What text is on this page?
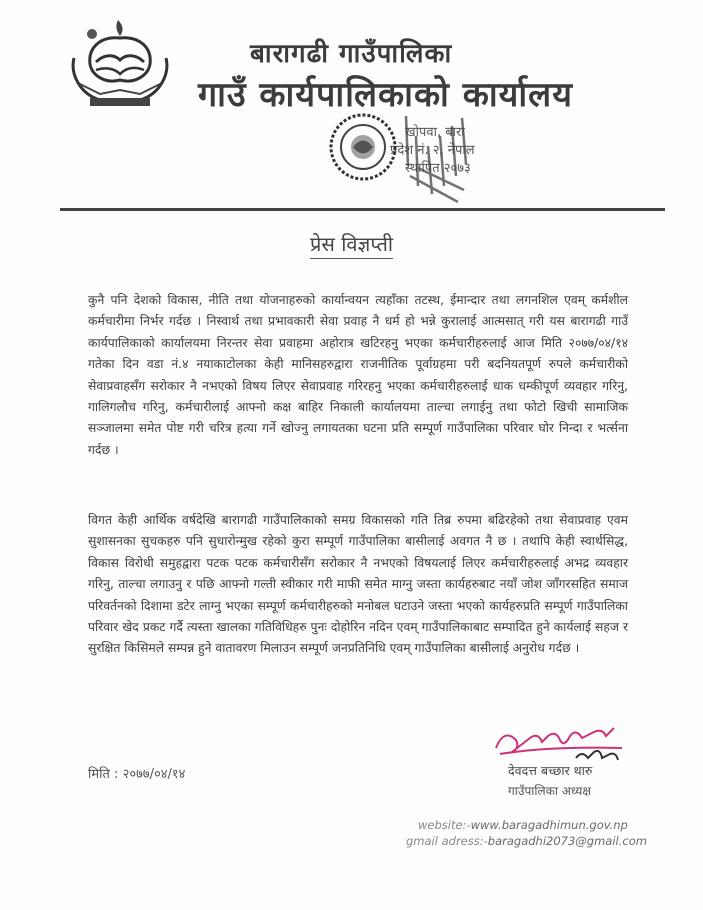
बारागढी गाउँपालिका
गाउँ कार्यपालिकाको कार्यालय
खोपवा, बारा
प्रदेश नं. २, नेपाल
स्थापित २०७३
प्रेस विज्ञप्ती
कुनै पनि देशको विकास, नीति तथा योजनाहरुको कार्यान्वयन त्यहाँका तटस्थ, ईमान्दार तथा लगनशिल एवम् कर्मशील कर्मचारीमा निर्भर गर्दछ । निस्वार्थ तथा प्रभावकारी सेवा प्रवाह नै धर्म हो भन्ने कुरालाई आत्मसात् गरी यस बारागढी गाउँ कार्यपालिकाको कार्यालयमा निरन्तर सेवा प्रवाहमा अहोरात्र खटिरहनु भएका कर्मचारीहरुलाई आज मिति २०७७/०४/१४ गतेका दिन वडा नं.४ नयाकाटोलका केही मानिसहरुद्वारा राजनीतिक पूर्वाग्रहमा परी बदनियतपूर्ण रुपले कर्मचारीको सेवाप्रवाहसँग सरोकार नै नभएको विषय लिएर सेवाप्रवाह गरिरहनु भएका कर्मचारीहरुलाई धाक धम्कीपूर्ण व्यवहार गरिनु, गालिगलौच गरिनु, कर्मचारीलाई आफ्नो कक्ष बाहिर निकाली कार्यालयमा ताल्चा लगाईनु तथा फोटो खिची सामाजिक सञ्जालमा समेत पोष्ट गरी चरित्र हत्या गर्ने खोज्नु लगायतका घटना प्रति सम्पूर्ण गाउँपालिका परिवार घोर निन्दा र भर्त्सना गर्दछ ।
विगत केही आर्थिक वर्षदेखि बारागढी गाउँपालिकाको समग्र विकासको गति तिब्र रुपमा बढिरहेको तथा सेवाप्रवाह एवम सुशासनका सुचकहरु पनि सुधारोन्मुख रहेको कुरा सम्पूर्ण गाउँपालिका बासीलाई अवगत नै छ । तथापि केही स्वार्थसिद्ध, विकास विरोधी समुहद्वारा पटक पटक कर्मचारीसँग सरोकार नै नभएको विषयलाई लिएर कर्मचारीहरुलाई अभद्र व्यवहार गरिनु, ताल्चा लगाउनु र पछि आफ्नो गल्ती स्वीकार गरी माफी समेत माग्नु जस्ता कार्यहरुबाट नयाँ जोश जाँगरसहित समाज परिवर्तनको दिशामा डटेर लाग्नु भएका सम्पूर्ण कर्मचारीहरुको मनोबल घटाउने जस्ता भएको कार्यहरुप्रति सम्पूर्ण गाउँपालिका परिवार खेद प्रकट गर्दै त्यस्ता खालका गतिविधिहरु पुनः दोहोरिन नदिन एवम् गाउँपालिकाबाट सम्पादित हुने कार्यलाई सहज र सुरक्षित किसिमले सम्पन्न हुने वातावरण मिलाउन सम्पूर्ण जनप्रतिनिधि एवम् गाउँपालिका बासीलाई अनुरोध गर्दछ ।
मिति : २०७७/०४/१४	देवदत्त बच्छार थारु
गाउँपालिका अध्यक्ष
website:-www.baragadhimun.gov.np
gmail adress:-baragadhi2073@gmail.com
